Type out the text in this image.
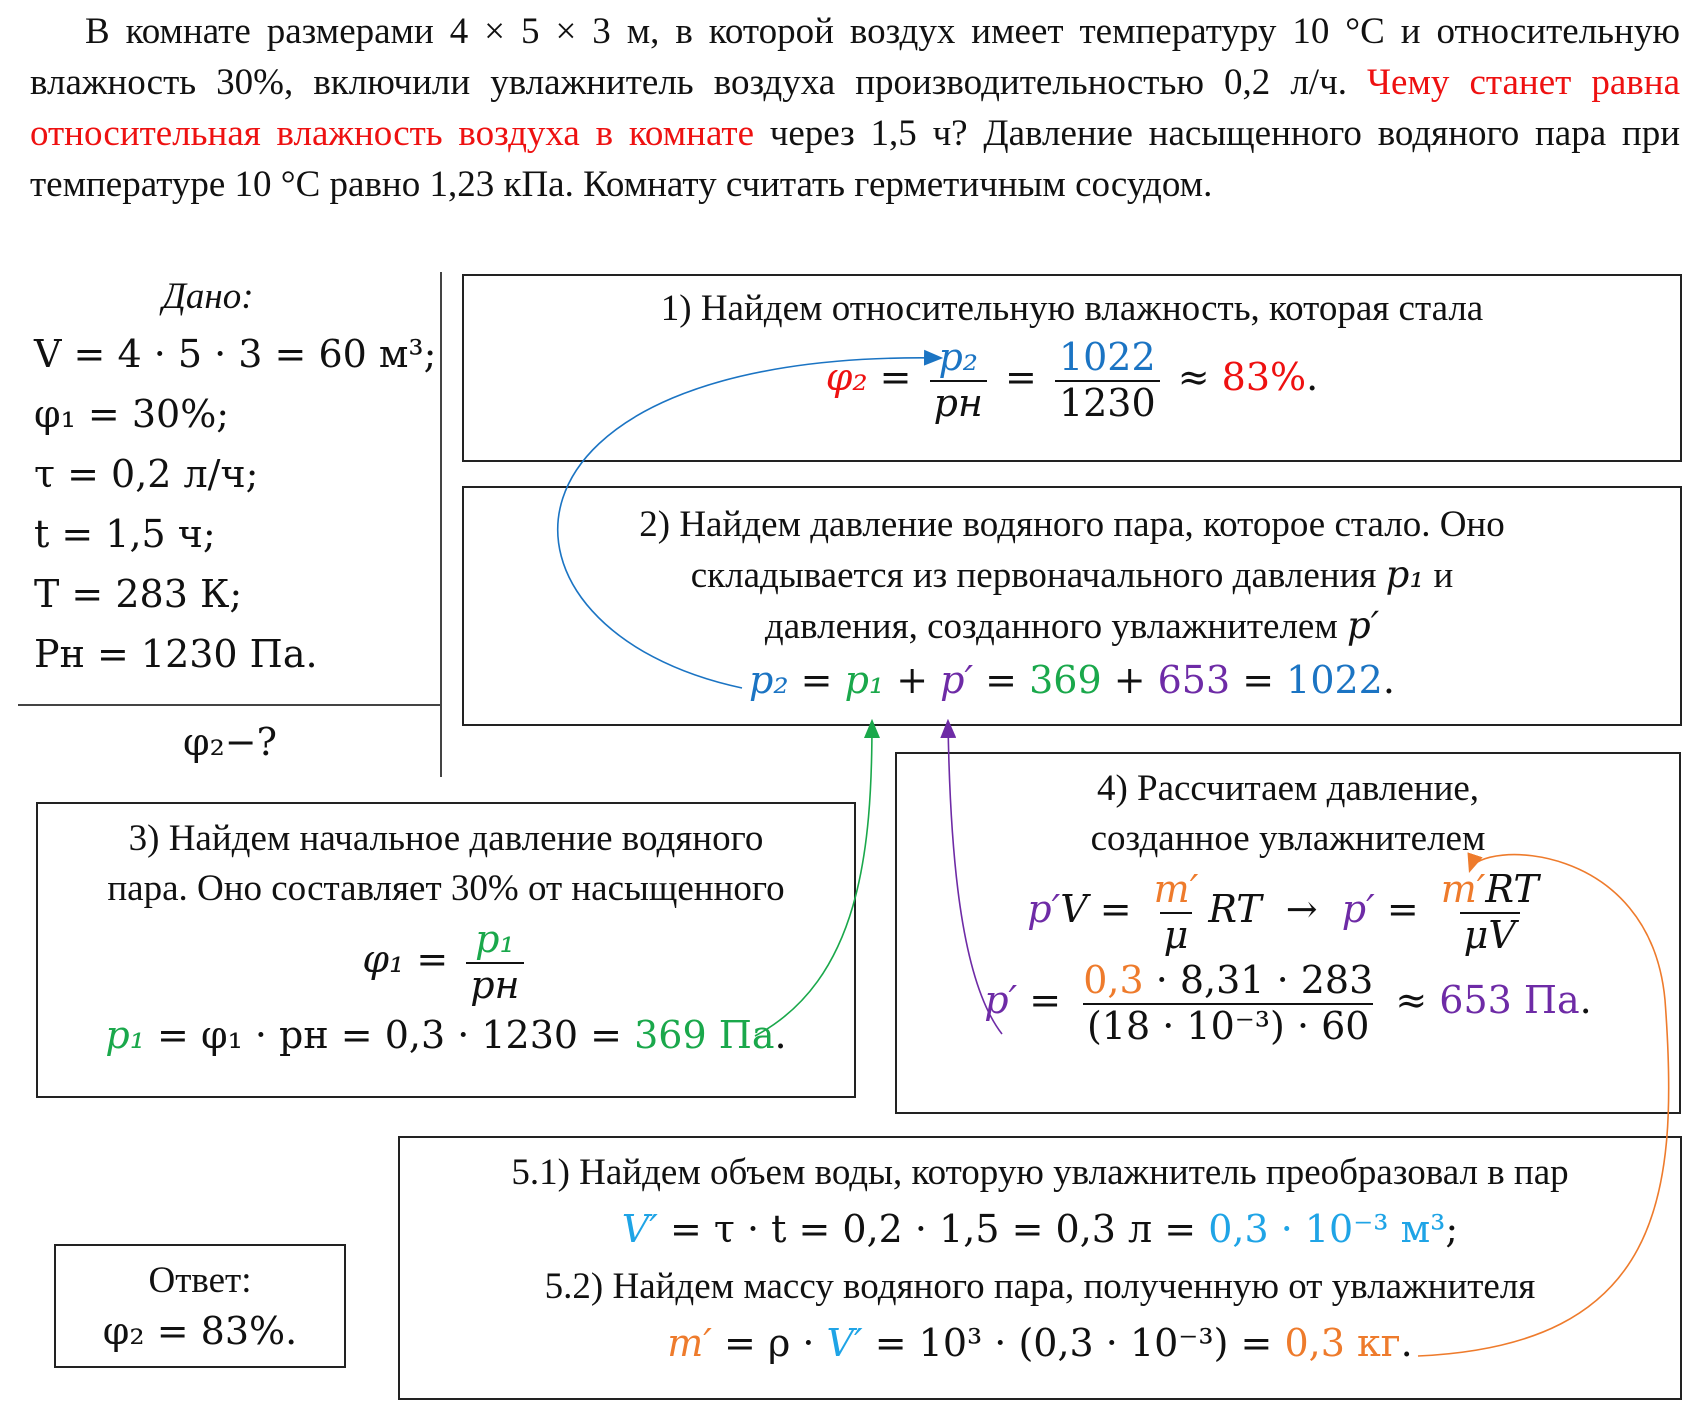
В комнате размерами 4 × 5 × 3 м, в которой воздух имеет температуру 10 °С и относительную влажность 30%, включили увлажнитель воздуха производительностью 0,2 л/ч. Чему станет равна относительная влажность воздуха в комнате через 1,5 ч? Давление насыщенного водяного пара при температуре 10 °С равно 1,23 кПа. Комнату считать герметичным сосудом.
Дано:
V = 4 · 5 · 3 = 60 м³;
φ₁ = 30%;
τ = 0,2 л/ч;
t = 1,5 ч;
T = 283 К;
Pн = 1230 Па.
φ₂−?
1) Найдем относительную влажность, которая стала
$\varphi_2 = \frac{\text{p₂}}{pн} = \frac{1022}{1230} \approx 83\%$.
2) Найдем давление водяного пара, которое стало. Оно
складывается из первоначального давления p₁ и
давления, созданного увлажнителем p′
p₂ = p₁ + p′ = 369 + 653 = 1022.
3) Найдем начальное давление водяного
пара. Оно составляет 30% от насыщенного
$\varphi_1 = \frac{\text{p₁}}{pн}$
p₁ = φ₁ · pн = 0,3 · 1230 = 369 Па.
4) Рассчитаем давление,
созданное увлажнителем
$p'V = \frac{m'}{\mu}$ RT  →  $p' = \frac{m'RT}{\mu V}$
$p' = \frac{0,3 \cdot 8,31 \cdot 283}{\text{(18 · 10⁻³) · 60}} \approx 653$ Па.
5.1) Найдем объем воды, которую увлажнитель преобразовал в пар
V′ = τ · t = 0,2 · 1,5 = 0,3 л = 0,3 · 10⁻³ м³;
5.2) Найдем массу водяного пара, полученную от увлажнителя
m′ = ρ · V′ = 10³ · (0,3 · 10⁻³) = 0,3 кг.
Ответ:
φ₂ = 83%.
